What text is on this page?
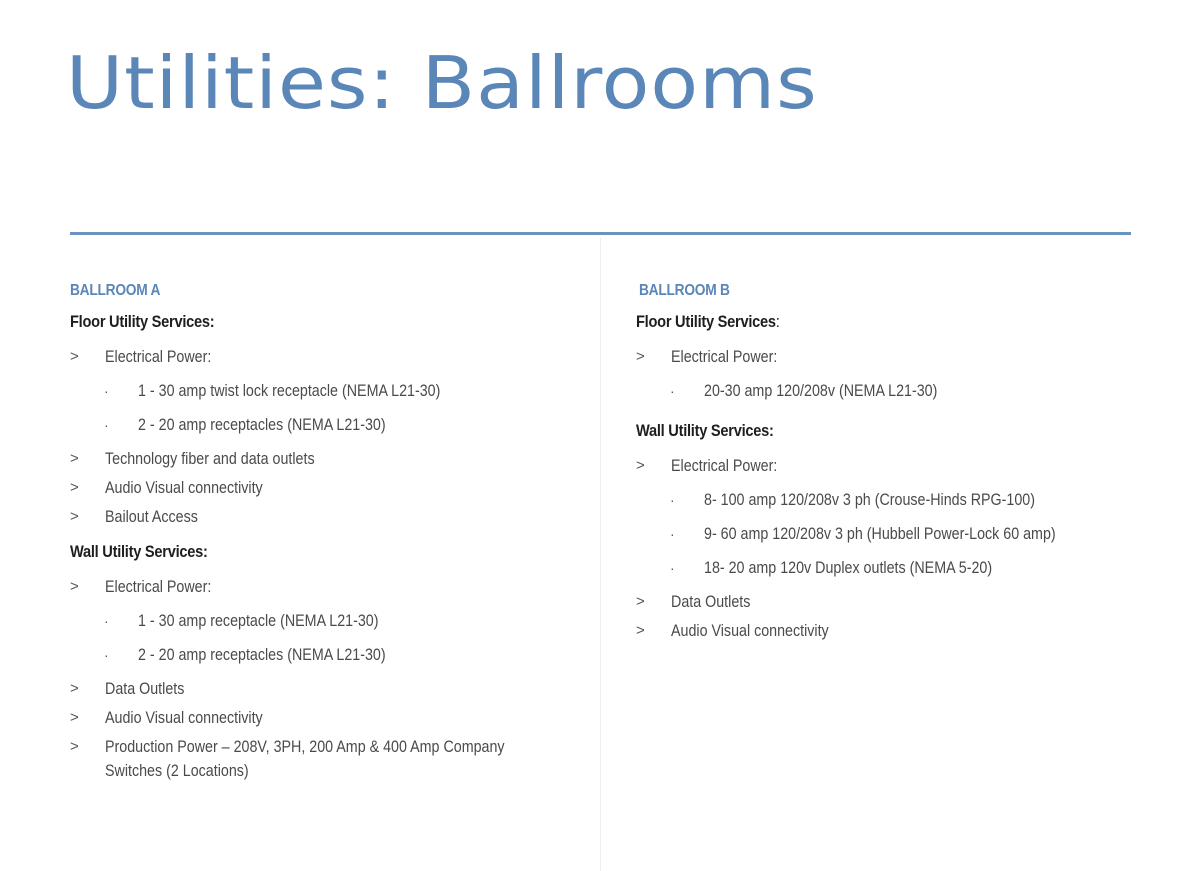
Utilities: Ballrooms
BALLROOM A
Floor Utility Services:
> Electrical Power:
· 1 - 30 amp twist lock receptacle (NEMA L21-30)
· 2 - 20 amp receptacles (NEMA L21-30)
> Technology fiber and data outlets
> Audio Visual connectivity
> Bailout Access
Wall Utility Services:
> Electrical Power:
· 1 - 30 amp receptacle (NEMA L21-30)
· 2 - 20 amp receptacles (NEMA L21-30)
> Data Outlets
> Audio Visual connectivity
> Production Power – 208V, 3PH, 200 Amp & 400 Amp Company Switches (2 Locations)
BALLROOM B
Floor Utility Services:
> Electrical Power:
· 20-30 amp 120/208v (NEMA L21-30)
Wall Utility Services:
> Electrical Power:
· 8- 100 amp 120/208v 3 ph (Crouse-Hinds RPG-100)
· 9- 60 amp 120/208v 3 ph (Hubbell Power-Lock 60 amp)
· 18- 20 amp 120v Duplex outlets (NEMA 5-20)
> Data Outlets
> Audio Visual connectivity
